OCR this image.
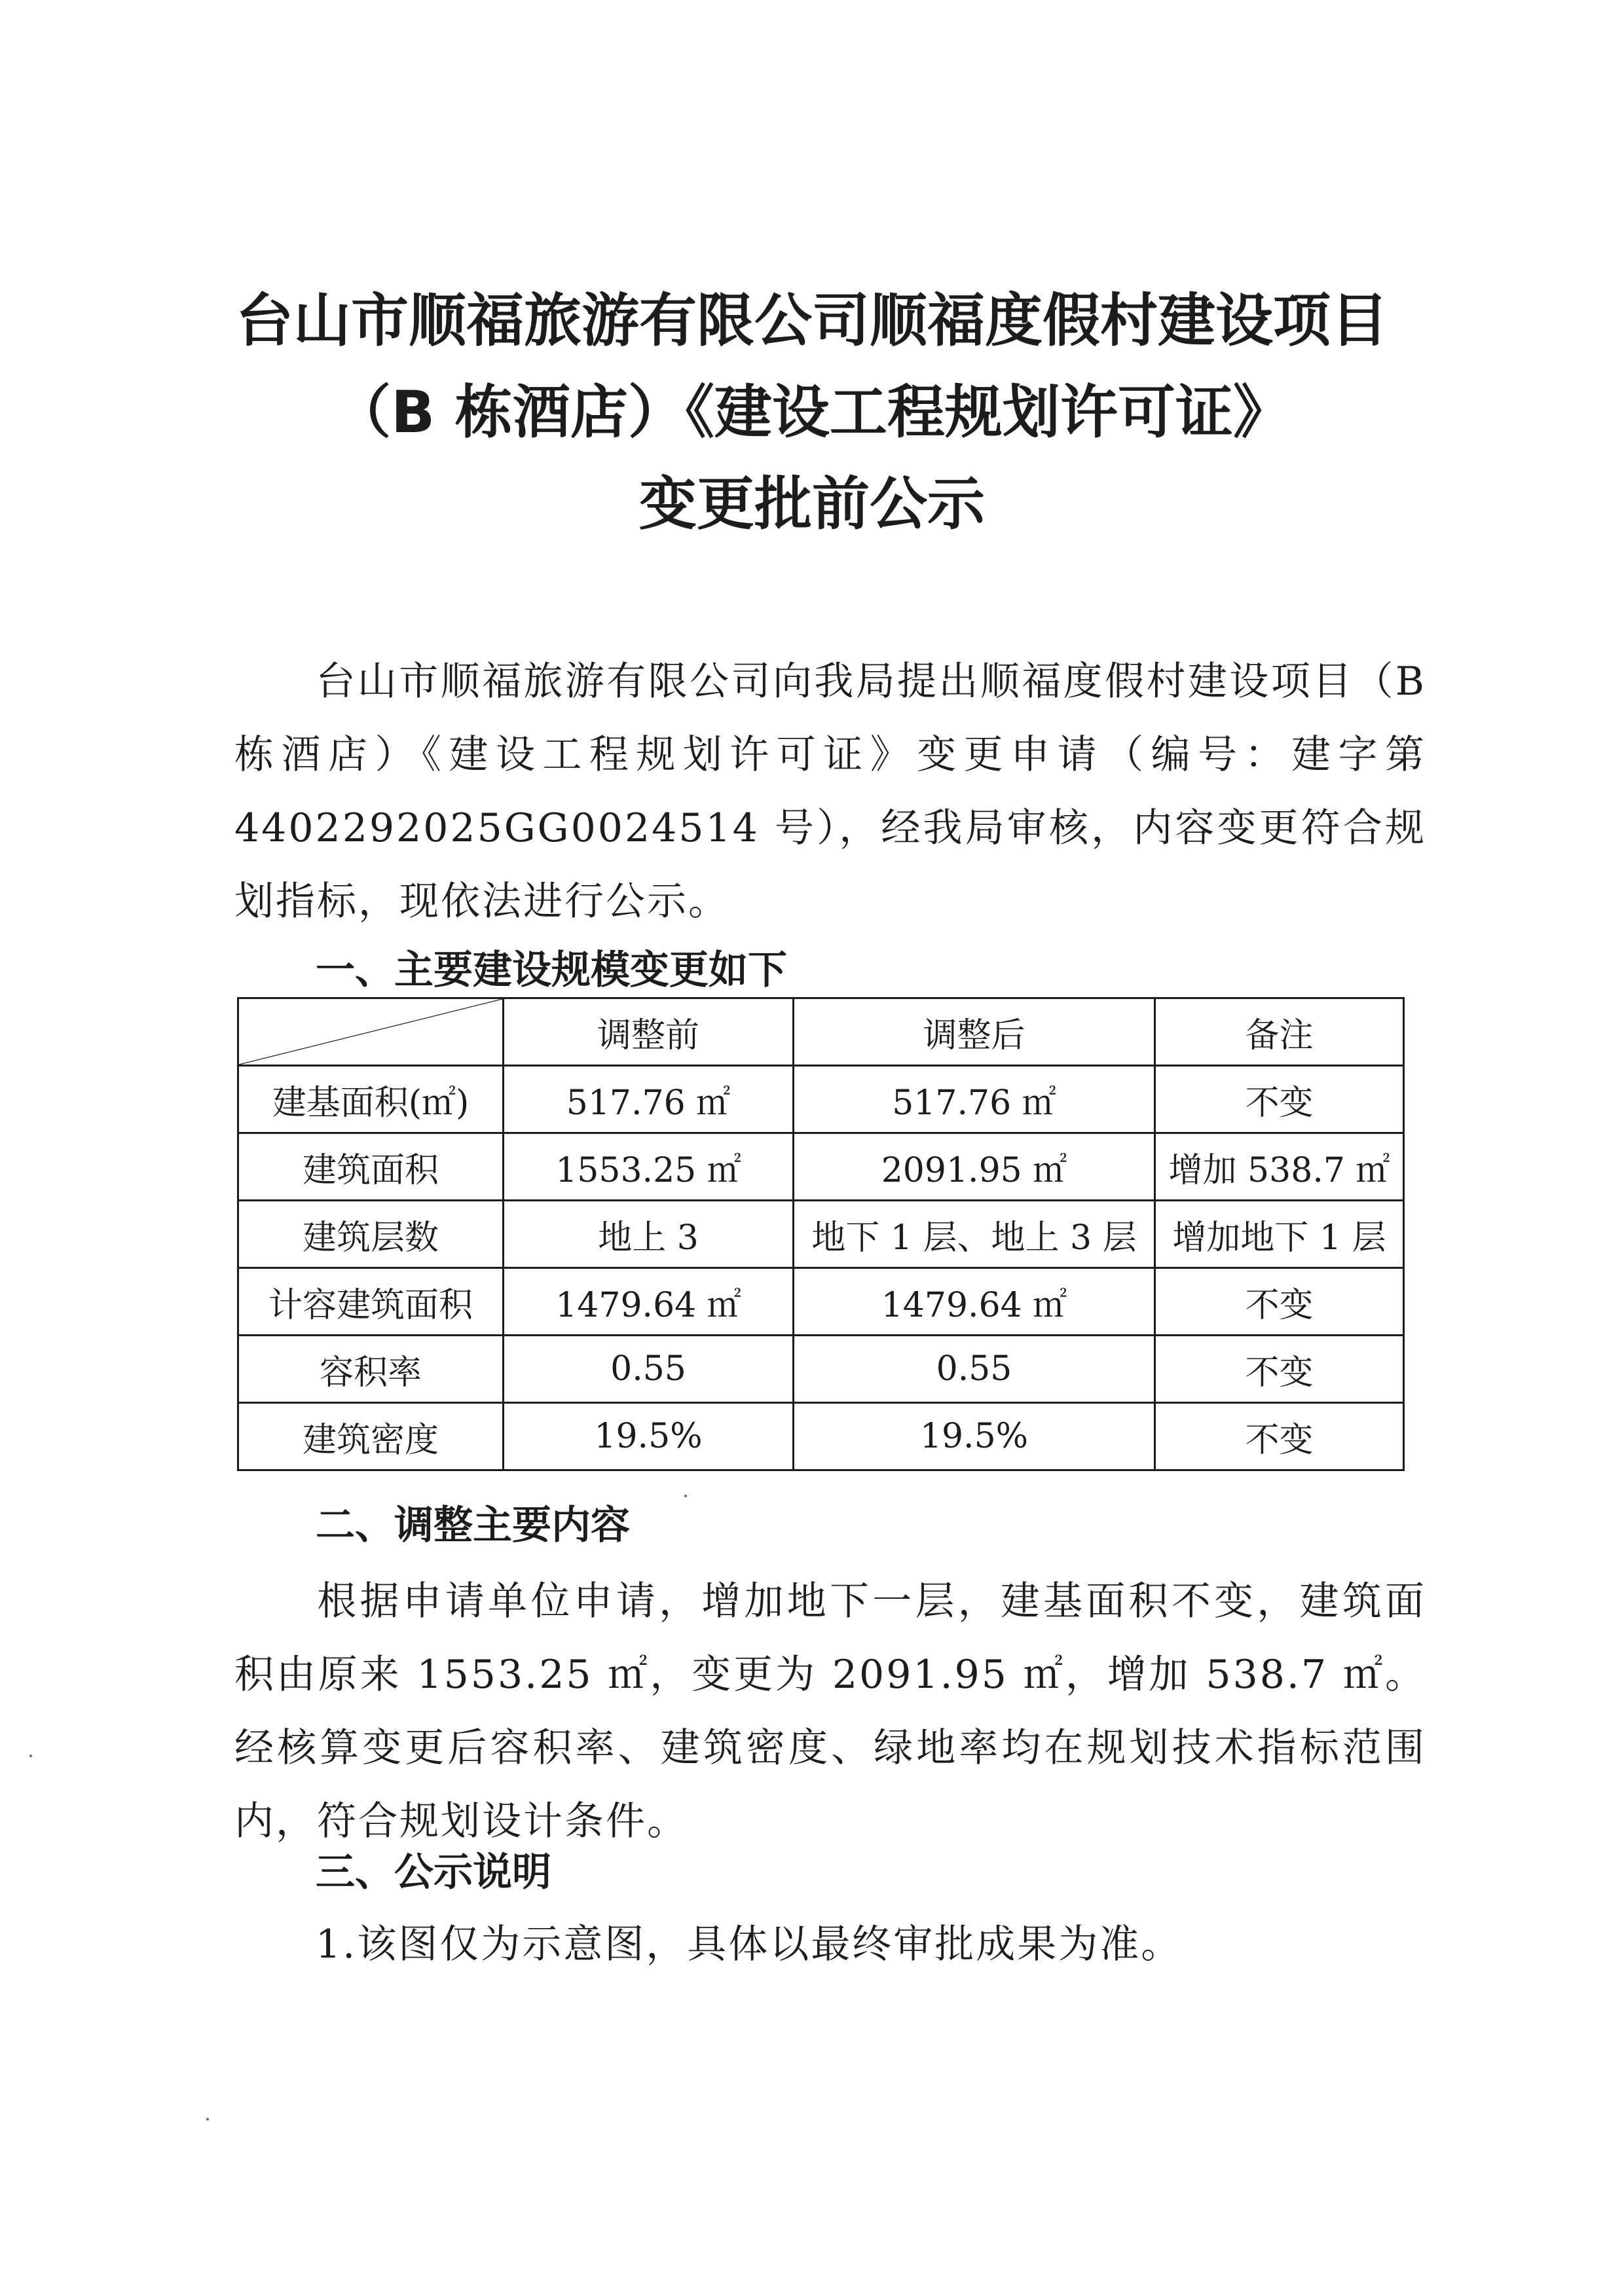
台山市顺福旅游有限公司顺福度假村建设项目
（B 栋酒店）《建设工程规划许可证》
变更批前公示

台山市顺福旅游有限公司向我局提出顺福度假村建设项目（B 栋酒店）《建设工程规划许可证》变更申请（编号：建字第 4402292025GG0024514 号），经我局审核，内容变更符合规划指标，现依法进行公示。

一、主要建设规模变更如下
	调整前	调整后	备注
建基面积(㎡)	517.76 ㎡	517.76 ㎡	不变
建筑面积	1553.25 ㎡	2091.95 ㎡	增加 538.7 ㎡
建筑层数	地上 3	地下 1 层、地上 3 层	增加地下 1 层
计容建筑面积	1479.64 ㎡	1479.64 ㎡	不变
容积率	0.55	0.55	不变
建筑密度	19.5%	19.5%	不变
二、调整主要内容

根据申请单位申请，增加地下一层，建基面积不变，建筑面积由原来 1553.25 ㎡，变更为 2091.95 ㎡，增加 538.7 ㎡。经核算变更后容积率、建筑密度、绿地率均在规划技术指标范围内，符合规划设计条件。

三、公示说明

1.该图仅为示意图，具体以最终审批成果为准。
